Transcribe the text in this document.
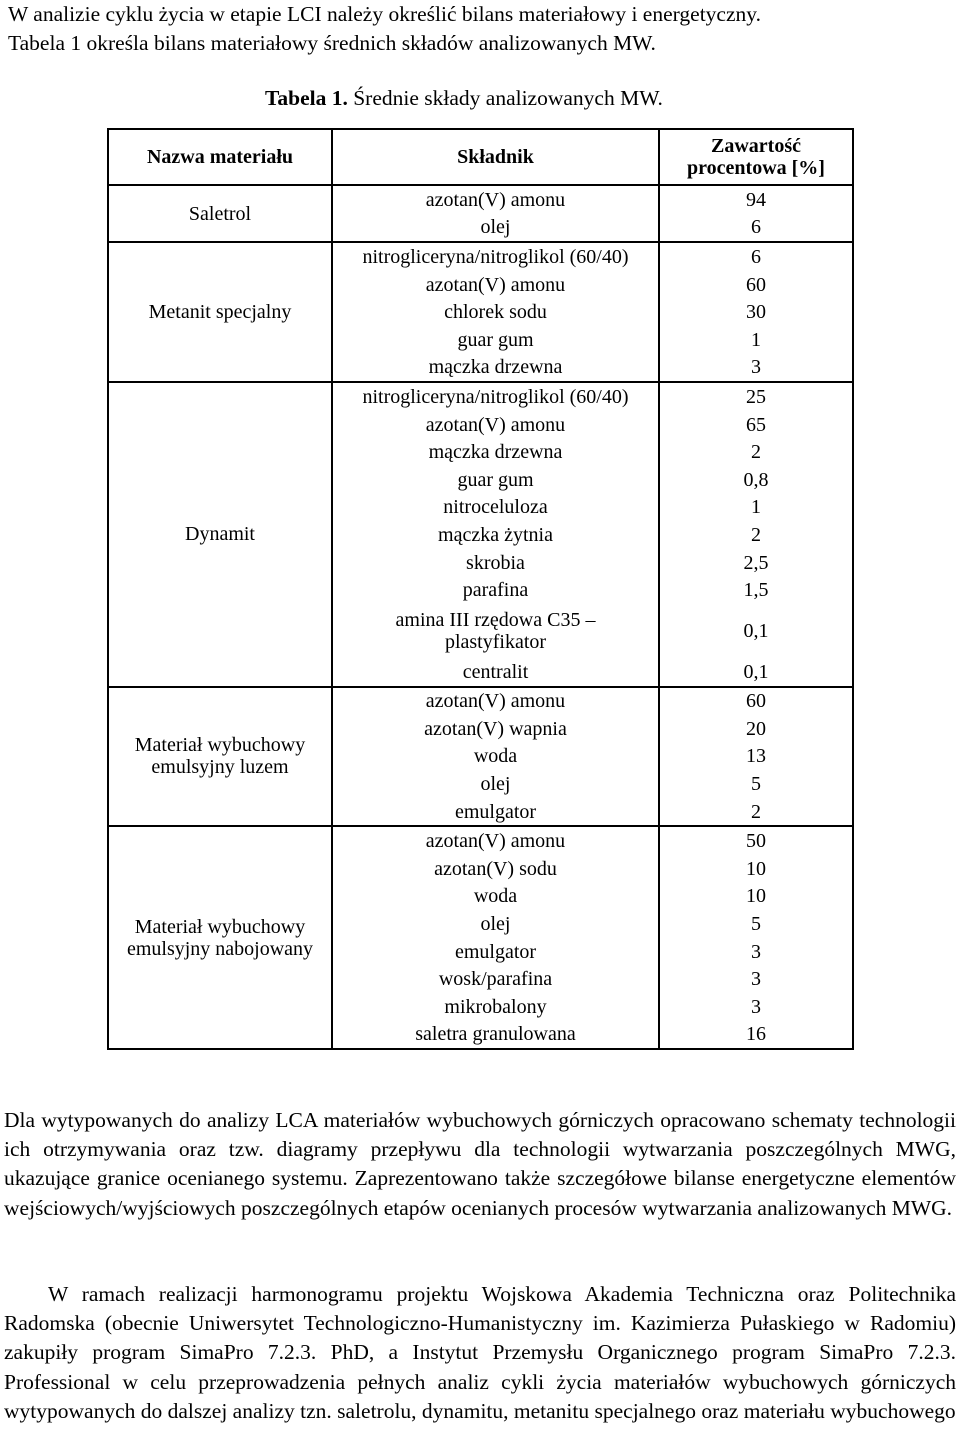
W analizie cyklu życia w etapie LCI należy określić bilans materiałowy i energetyczny.

Tabela 1 określa bilans materiałowy średnich składów analizowanych MW.

Tabela 1. Średnie składy analizowanych MW.
Nazwa materiału	Składnik	Zawartość procentowa [%]
Saletrol	azotan(V) amonu	94
	olej	6
Metanit specjalny	nitrogliceryna/nitroglikol (60/40)	6
	azotan(V) amonu	60
	chlorek sodu	30
	guar gum	1
	mączka drzewna	3
Dynamit	nitrogliceryna/nitroglikol (60/40)	25
	azotan(V) amonu	65
	mączka drzewna	2
	guar gum	0,8
	nitroceluloza	1
	mączka żytnia	2
	skrobia	2,5
	parafina	1,5
	amina III rzędowa C35 – plastyfikator	0,1
	centralit	0,1
Materiał wybuchowy emulsyjny luzem	azotan(V) amonu	60
	azotan(V) wapnia	20
	woda	13
	olej	5
	emulgator	2
Materiał wybuchowy emulsyjny nabojowany	azotan(V) amonu	50
	azotan(V) sodu	10
	woda	10
	olej	5
	emulgator	3
	wosk/parafina	3
	mikrobalony	3
	saletra granulowana	16

Dla wytypowanych do analizy LCA materiałów wybuchowych górniczych opracowano schematy technologii ich otrzymywania oraz tzw. diagramy przepływu dla technologii wytwarzania poszczególnych MWG, ukazujące granice ocenianego systemu. Zaprezentowano także szczegółowe bilanse energetyczne elementów wejściowych/wyjściowych poszczególnych etapów ocenianych procesów wytwarzania analizowanych MWG.

W ramach realizacji harmonogramu projektu Wojskowa Akademia Techniczna oraz Politechnika Radomska (obecnie Uniwersytet Technologiczno-Humanistyczny im. Kazimierza Pułaskiego w Radomiu) zakupiły program SimaPro 7.2.3. PhD, a Instytut Przemysłu Organicznego program SimaPro 7.2.3. Professional w celu przeprowadzenia pełnych analiz cykli życia materiałów wybuchowych górniczych wytypowanych do dalszej analizy tzn. saletrolu, dynamitu, metanitu specjalnego oraz materiału wybuchowego
